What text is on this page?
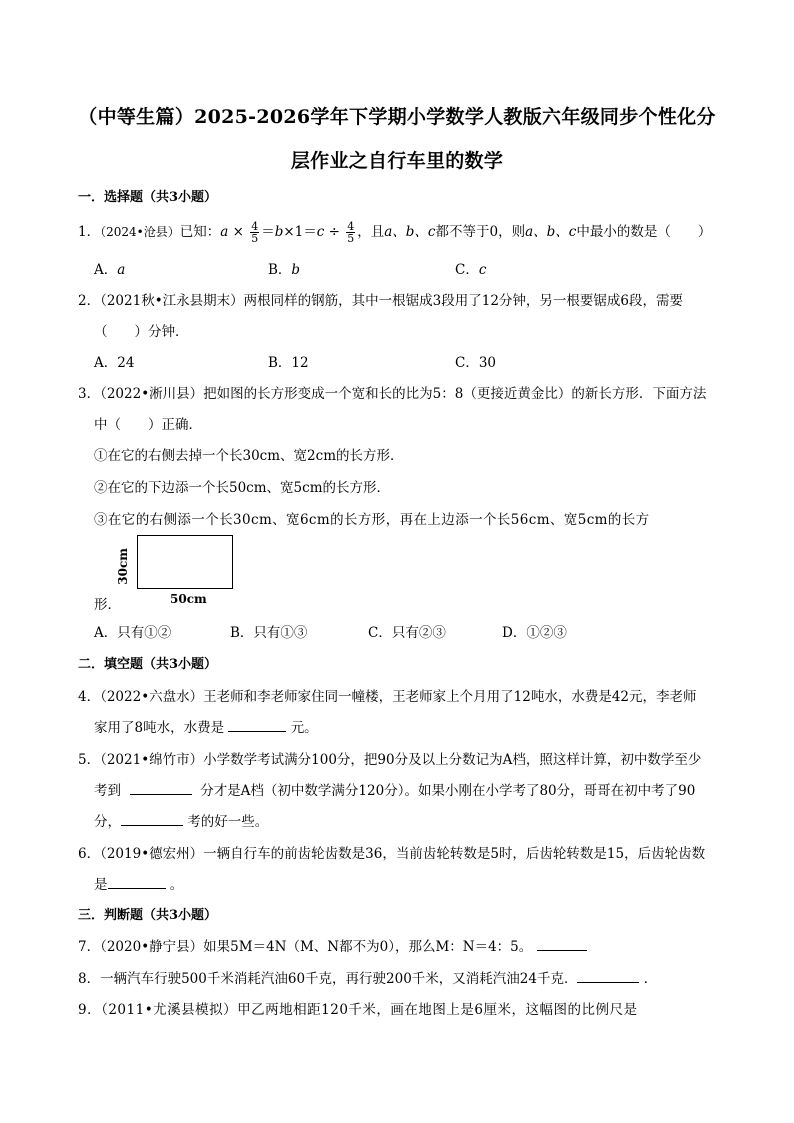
（中等生篇）2025-2026学年下学期小学数学人教版六年级同步个性化分
层作业之自行车里的数学
一．选择题（共3小题）
1．（2024•沧县）已知：$a \times \frac{4}{5} =b\times 1=c \div \frac{4}{5}$ ，且a、b、c都不等于0，则a、b、c中最小的数是（　　）
A．a	B．b	C．c
2．（2021秋•江永县期末）两根同样的钢筋，其中一根锯成3段用了12分钟，另一根要锯成6段，需要
（　　）分钟．
A．24	B．12	C．30
3．（2022•淅川县）把如图的长方形变成一个宽和长的比为5：8（更接近黄金比）的新长方形．下面方法
中（　　）正确．
①在它的右侧去掉一个长30cm、宽2cm的长方形．
②在它的下边添一个长50cm、宽5cm的长方形．
③在它的右侧添一个长30cm、宽6cm的长方形，再在上边添一个长56cm、宽5cm的长方
30cm
50cm
形．
A．只有①②	B．只有①③	C．只有②③	D．①②③
二．填空题（共3小题）
4．（2022•六盘水）王老师和李老师家住同一幢楼，王老师家上个月用了12吨水，水费是42元，李老师
家用了8吨水，水费是	元。
5．（2021•绵竹市）小学数学考试满分100分，把90分及以上分数记为A档，照这样计算，初中数学至少
考到	分才是A档（初中数学满分120分）。如果小刚在小学考了80分，哥哥在初中考了90
分，	考的好一些。
6．（2019•德宏州）一辆自行车的前齿轮齿数是36，当前齿轮转数是5时，后齿轮转数是15，后齿轮齿数
是	。
三．判断题（共3小题）
7．（2020•静宁县）如果5M＝4N（M、N都不为0），那么M：N＝4：5。
8．一辆汽车行驶500千米消耗汽油60千克，再行驶200千米，又消耗汽油24千克．	．
9．（2011•尤溪县模拟）甲乙两地相距120千米，画在地图上是6厘米，这幅图的比例尺是
